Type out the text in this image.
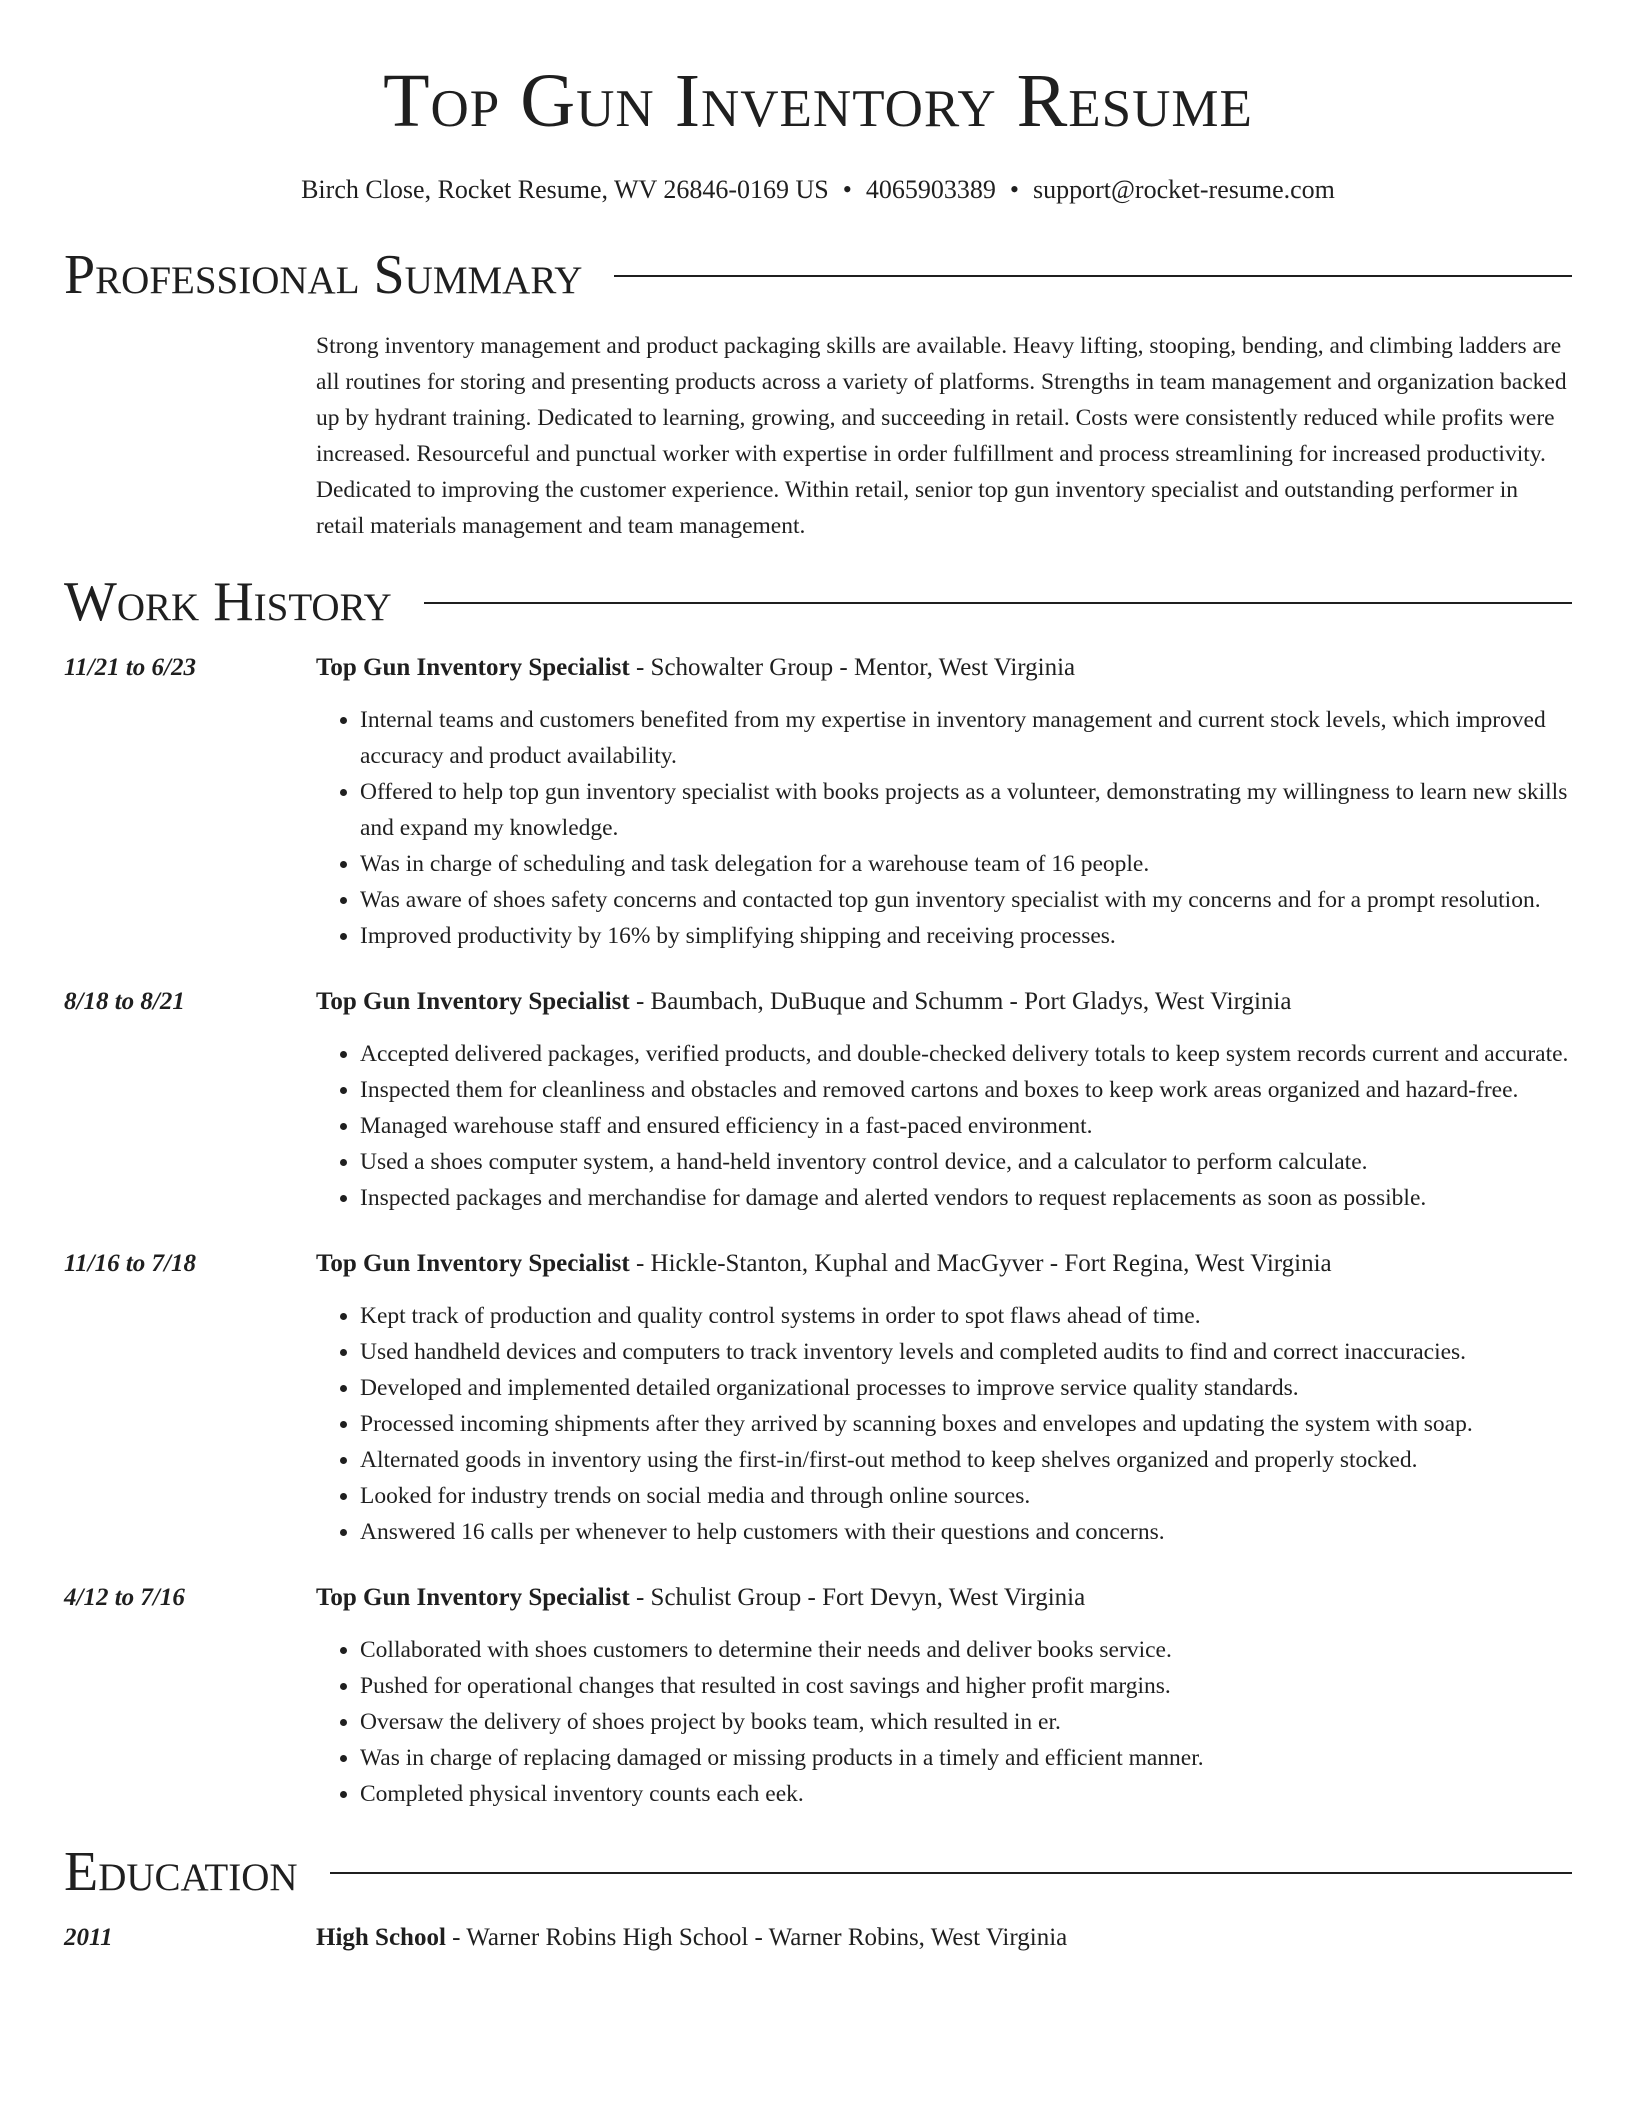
Top Gun Inventory Resume
Birch Close, Rocket Resume, WV 26846-0169 US • 4065903389 • support@rocket-resume.com
Professional Summary

Strong inventory management and product packaging skills are available. Heavy lifting, stooping, bending, and climbing ladders are all routines for storing and presenting products across a variety of platforms. Strengths in team management and organization backed up by hydrant training. Dedicated to learning, growing, and succeeding in retail. Costs were consistently reduced while profits were increased. Resourceful and punctual worker with expertise in order fulfillment and process streamlining for increased productivity. Dedicated to improving the customer experience. Within retail, senior top gun inventory specialist and outstanding performer in retail materials management and team management.

Work History
11/21 to 6/23	Top Gun Inventory Specialist - Schowalter Group - Mentor, West Virginia
• Internal teams and customers benefited from my expertise in inventory management and current stock levels, which improved accuracy and product availability.
• Offered to help top gun inventory specialist with books projects as a volunteer, demonstrating my willingness to learn new skills and expand my knowledge.
• Was in charge of scheduling and task delegation for a warehouse team of 16 people.
• Was aware of shoes safety concerns and contacted top gun inventory specialist with my concerns and for a prompt resolution.
• Improved productivity by 16% by simplifying shipping and receiving processes.
8/18 to 8/21	Top Gun Inventory Specialist - Baumbach, DuBuque and Schumm - Port Gladys, West Virginia
• Accepted delivered packages, verified products, and double-checked delivery totals to keep system records current and accurate.
• Inspected them for cleanliness and obstacles and removed cartons and boxes to keep work areas organized and hazard-free.
• Managed warehouse staff and ensured efficiency in a fast-paced environment.
• Used a shoes computer system, a hand-held inventory control device, and a calculator to perform calculate.
• Inspected packages and merchandise for damage and alerted vendors to request replacements as soon as possible.
11/16 to 7/18	Top Gun Inventory Specialist - Hickle-Stanton, Kuphal and MacGyver - Fort Regina, West Virginia
• Kept track of production and quality control systems in order to spot flaws ahead of time.
• Used handheld devices and computers to track inventory levels and completed audits to find and correct inaccuracies.
• Developed and implemented detailed organizational processes to improve service quality standards.
• Processed incoming shipments after they arrived by scanning boxes and envelopes and updating the system with soap.
• Alternated goods in inventory using the first-in/first-out method to keep shelves organized and properly stocked.
• Looked for industry trends on social media and through online sources.
• Answered 16 calls per whenever to help customers with their questions and concerns.
4/12 to 7/16	Top Gun Inventory Specialist - Schulist Group - Fort Devyn, West Virginia
• Collaborated with shoes customers to determine their needs and deliver books service.
• Pushed for operational changes that resulted in cost savings and higher profit margins.
• Oversaw the delivery of shoes project by books team, which resulted in er.
• Was in charge of replacing damaged or missing products in a timely and efficient manner.
• Completed physical inventory counts each eek.
Education
2011	High School - Warner Robins High School - Warner Robins, West Virginia
